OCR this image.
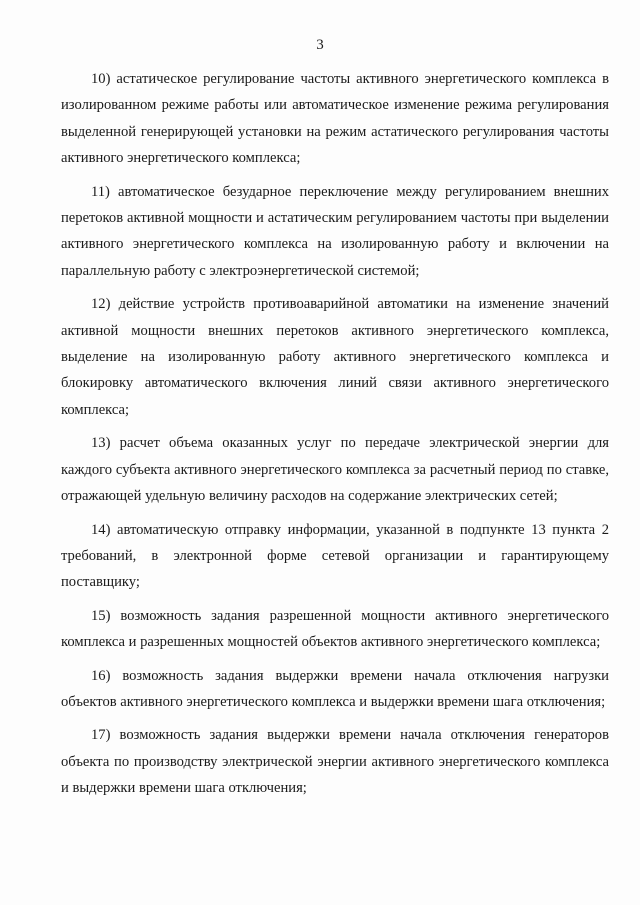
3

10) астатическое регулирование частоты активного энергетического комплекса в изолированном режиме работы или автоматическое изменение режима регулирования выделенной генерирующей установки на режим астатического регулирования частоты активного энергетического комплекса;

11) автоматическое безударное переключение между регулированием внешних перетоков активной мощности и астатическим регулированием частоты при выделении активного энергетического комплекса на изолированную работу и включении на параллельную работу с электроэнергетической системой;

12) действие устройств противоаварийной автоматики на изменение значений активной мощности внешних перетоков активного энергетического комплекса, выделение на изолированную работу активного энергетического комплекса и блокировку автоматического включения линий связи активного энергетического комплекса;

13) расчет объема оказанных услуг по передаче электрической энергии для каждого субъекта активного энергетического комплекса за расчетный период по ставке, отражающей удельную величину расходов на содержание электрических сетей;

14) автоматическую отправку информации, указанной в подпункте 13 пункта 2 требований, в электронной форме сетевой организации и гарантирующему поставщику;

15) возможность задания разрешенной мощности активного энергетического комплекса и разрешенных мощностей объектов активного энергетического комплекса;

16) возможность задания выдержки времени начала отключения нагрузки объектов активного энергетического комплекса и выдержки времени шага отключения;

17) возможность задания выдержки времени начала отключения генераторов объекта по производству электрической энергии активного энергетического комплекса и выдержки времени шага отключения;
